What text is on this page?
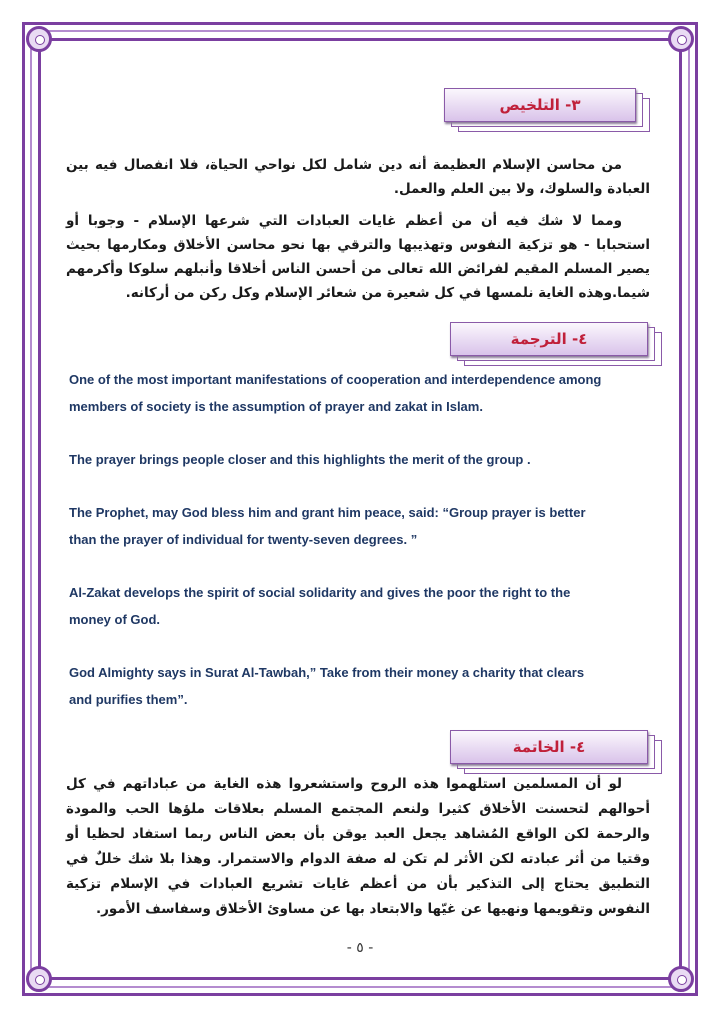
٣- التلخيص

من محاسن الإسلام العظيمة أنه دين شامل لكل نواحي الحياة، فلا انفصال فيه بين العبادة والسلوك، ولا بين العلم والعمل.

ومما لا شك فيه أن من أعظم غايات العبادات التي شرعها الإسلام - وجوبا أو استحبابا - هو تزكية النفوس وتهذيبها والترقي بها نحو محاسن الأخلاق ومكارمها بحيث يصير المسلم المقيم لفرائض الله تعالى من أحسن الناس أخلاقا وأنبلهم سلوكا وأكرمهم شيما.وهذه الغاية نلمسها في كل شعيرة من شعائر الإسلام وكل ركن من أركانه.

٤- الترجمة

One of the most important manifestations of cooperation and interdependence among members of society is the assumption of prayer and zakat in Islam.

The prayer brings people closer and this highlights the merit of the group .

The Prophet, may God bless him and grant him peace, said: “Group prayer is better than the prayer of individual for twenty-seven degrees. ”

Al-Zakat develops the spirit of social solidarity and gives the poor the right to the money of God.

God Almighty says in Surat Al-Tawbah,” Take from their money a charity that clears and purifies them”.

٤- الخاتمة

لو أن المسلمين استلهموا هذه الروح واستشعروا هذه الغاية من عباداتهم في كل أحوالهم لتحسنت الأخلاق كثيرا ولنعم المجتمع المسلم بعلاقات ملؤها الحب والمودة والرحمة لكن الواقع المُشاهد يجعل العبد يوقن بأن بعض الناس ربما استفاد لحظيا أو وقتيا من أثر عبادته لكن الأثر لم تكن له صفة الدوام والاستمرار. وهذا بلا شك خللٌ في التطبيق يحتاج إلى التذكير بأن من أعظم غايات تشريع العبادات في الإسلام تزكية النفوس وتقويمها ونهيها عن غيّها والابتعاد بها عن مساوئ الأخلاق وسفاسف الأمور.

- ٥ -
